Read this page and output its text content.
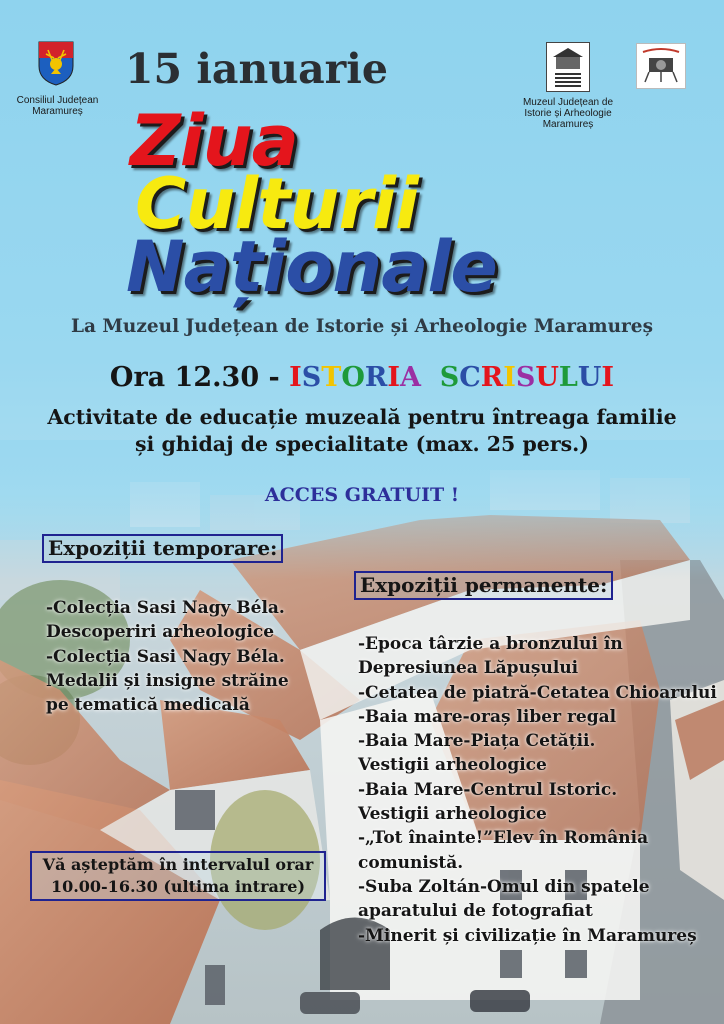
Consiliul Județean
Maramureș
Muzeul Județean de
Istorie și Arheologie
Maramureș
15 ianuarie
Ziua
Culturii
Naționale
La Muzeul Județean de Istorie și Arheologie Maramureș
Ora 12.30 - ISTORIA SCRISULUI
Activitate de educație muzeală pentru întreaga familie
și ghidaj de specialitate (max. 25 pers.)
ACCES GRATUIT !
Expoziții temporare:
-Colecția Sasi Nagy Béla.
Descoperiri arheologice
-Colecția Sasi Nagy Béla.
Medalii și insigne străine
pe tematică medicală
Expoziții permanente:
-Epoca târzie a bronzului în
Depresiunea Lăpușului
-Cetatea de piatră-Cetatea Chioarului
-Baia mare-oraș liber regal
-Baia Mare-Piața Cetății.
Vestigii arheologice
-Baia Mare-Centrul Istoric.
Vestigii arheologice
-„Tot înainte!”Elev în România
comunistă.
-Suba Zoltán-Omul din spatele
aparatului de fotografiat
-Minerit și civilizație în Maramureș
Vă așteptăm în intervalul orar
10.00-16.30 (ultima intrare)
